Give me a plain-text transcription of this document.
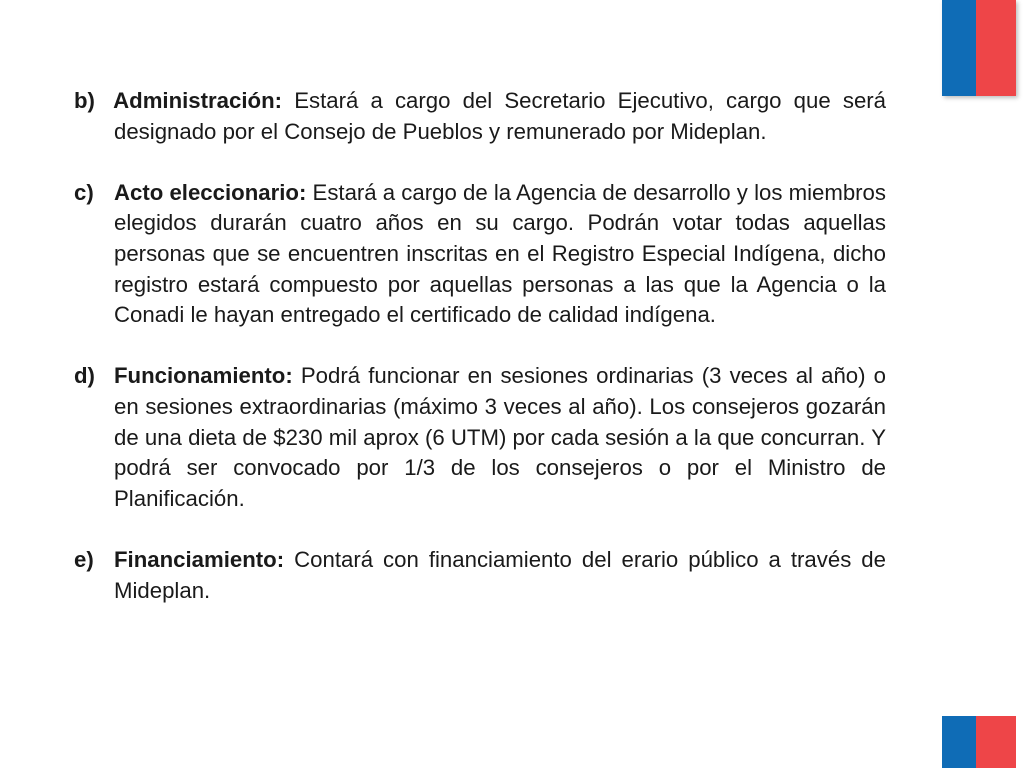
b) Administración: Estará a cargo del Secretario Ejecutivo, cargo que será designado por el Consejo de Pueblos y remunerado por Mideplan.

c) Acto eleccionario: Estará a cargo de la Agencia de desarrollo y los miembros elegidos durarán cuatro años en su cargo. Podrán votar todas aquellas personas que se encuentren inscritas en el Registro Especial Indígena, dicho registro estará compuesto por aquellas personas a las que la Agencia o la Conadi le hayan entregado el certificado de calidad indígena.
d) Funcionamiento: Podrá funcionar en sesiones ordinarias (3 veces al año) o en sesiones extraordinarias (máximo 3 veces al año). Los consejeros gozarán de una dieta de $230 mil aprox (6 UTM) por cada sesión a la que concurran. Y podrá ser convocado por 1/3 de los consejeros o por el Ministro de Planificación.
e) Financiamiento: Contará con financiamiento del erario público a través de Mideplan.
